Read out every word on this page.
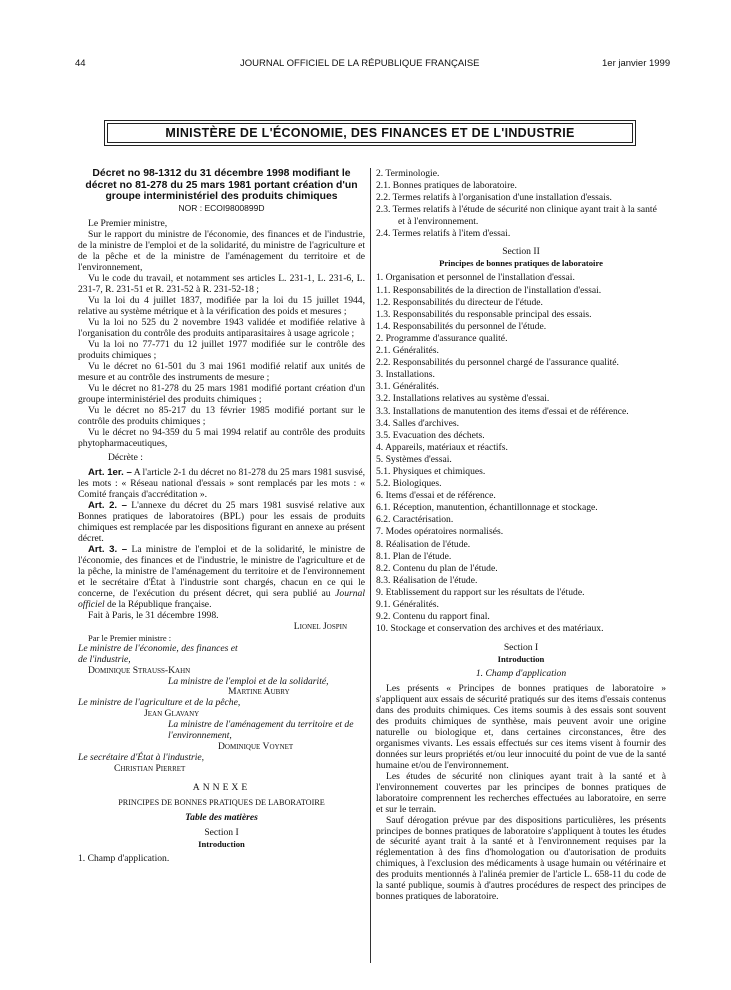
44	JOURNAL OFFICIEL DE LA RÉPUBLIQUE FRANÇAISE	1er janvier 1999
MINISTÈRE DE L'ÉCONOMIE, DES FINANCES ET DE L'INDUSTRIE
Décret no 98-1312 du 31 décembre 1998 modifiant le décret no 81-278 du 25 mars 1981 portant création d'un groupe interministériel des produits chimiques
NOR : ECOI9800899D

Le Premier ministre,

Sur le rapport du ministre de l'économie, des finances et de l'industrie, de la ministre de l'emploi et de la solidarité, du ministre de l'agriculture et de la pêche et de la ministre de l'aménagement du territoire et de l'environnement,

Vu le code du travail, et notamment ses articles L. 231-1, L. 231-6, L. 231-7, R. 231-51 et R. 231-52 à R. 231-52-18 ;

Vu la loi du 4 juillet 1837, modifiée par la loi du 15 juillet 1944, relative au système métrique et à la vérification des poids et mesures ;

Vu la loi no 525 du 2 novembre 1943 validée et modifiée relative à l'organisation du contrôle des produits antiparasitaires à usage agricole ;

Vu la loi no 77-771 du 12 juillet 1977 modifiée sur le contrôle des produits chimiques ;

Vu le décret no 61-501 du 3 mai 1961 modifié relatif aux unités de mesure et au contrôle des instruments de mesure ;

Vu le décret no 81-278 du 25 mars 1981 modifié portant création d'un groupe interministériel des produits chimiques ;

Vu le décret no 85-217 du 13 février 1985 modifié portant sur le contrôle des produits chimiques ;

Vu le décret no 94-359 du 5 mai 1994 relatif au contrôle des produits phytopharmaceutiques,

Décrète :

Art. 1er. – A l'article 2-1 du décret no 81-278 du 25 mars 1981 susvisé, les mots : « Réseau national d'essais » sont remplacés par les mots : « Comité français d'accréditation ».

Art. 2. – L'annexe du décret du 25 mars 1981 susvisé relative aux Bonnes pratiques de laboratoires (BPL) pour les essais de produits chimiques est remplacée par les dispositions figurant en annexe au présent décret.

Art. 3. – La ministre de l'emploi et de la solidarité, le ministre de l'économie, des finances et de l'industrie, le ministre de l'agriculture et de la pêche, la ministre de l'aménagement du territoire et de l'environnement et le secrétaire d'État à l'industrie sont chargés, chacun en ce qui le concerne, de l'exécution du présent décret, qui sera publié au Journal officiel de la République française.

Fait à Paris, le 31 décembre 1998.

Lionel Jospin
Par le Premier ministre :
Le ministre de l'économie, des finances et de l'industrie,
Dominique Strauss-Kahn
La ministre de l'emploi et de la solidarité,
Martine Aubry
Le ministre de l'agriculture et de la pêche,
Jean Glavany
La ministre de l'aménagement du territoire et de l'environnement,
Dominique Voynet
Le secrétaire d'État à l'industrie,
Christian Pierret
ANNEXE
PRINCIPES DE BONNES PRATIQUES DE LABORATOIRE
Table des matières
Section I
Introduction
1. Champ d'application.
2. Terminologie.
2.1. Bonnes pratiques de laboratoire.
2.2. Termes relatifs à l'organisation d'une installation d'essais.
2.3. Termes relatifs à l'étude de sécurité non clinique ayant trait à la santé et à l'environnement.
2.4. Termes relatifs à l'item d'essai.
Section II
Principes de bonnes pratiques de laboratoire
1. Organisation et personnel de l'installation d'essai.
1.1. Responsabilités de la direction de l'installation d'essai.
1.2. Responsabilités du directeur de l'étude.
1.3. Responsabilités du responsable principal des essais.
1.4. Responsabilités du personnel de l'étude.
2. Programme d'assurance qualité.
2.1. Généralités.
2.2. Responsabilités du personnel chargé de l'assurance qualité.
3. Installations.
3.1. Généralités.
3.2. Installations relatives au système d'essai.
3.3. Installations de manutention des items d'essai et de référence.
3.4. Salles d'archives.
3.5. Evacuation des déchets.
4. Appareils, matériaux et réactifs.
5. Systèmes d'essai.
5.1. Physiques et chimiques.
5.2. Biologiques.
6. Items d'essai et de référence.
6.1. Réception, manutention, échantillonnage et stockage.
6.2. Caractérisation.
7. Modes opératoires normalisés.
8. Réalisation de l'étude.
8.1. Plan de l'étude.
8.2. Contenu du plan de l'étude.
8.3. Réalisation de l'étude.
9. Etablissement du rapport sur les résultats de l'étude.
9.1. Généralités.
9.2. Contenu du rapport final.
10. Stockage et conservation des archives et des matériaux.
Section I
Introduction
1. Champ d'application

Les présents « Principes de bonnes pratiques de laboratoire » s'appliquent aux essais de sécurité pratiqués sur des items d'essais contenus dans des produits chimiques. Ces items soumis à des essais sont souvent des produits chimiques de synthèse, mais peuvent avoir une origine naturelle ou biologique et, dans certaines circonstances, être des organismes vivants. Les essais effectués sur ces items visent à fournir des données sur leurs propriétés et/ou leur innocuité du point de vue de la santé humaine et/ou de l'environnement.

Les études de sécurité non cliniques ayant trait à la santé et à l'environnement couvertes par les principes de bonnes pratiques de laboratoire comprennent les recherches effectuées au laboratoire, en serre et sur le terrain.

Sauf dérogation prévue par des dispositions particulières, les présents principes de bonnes pratiques de laboratoire s'appliquent à toutes les études de sécurité ayant trait à la santé et à l'environnement requises par la réglementation à des fins d'homologation ou d'autorisation de produits chimiques, à l'exclusion des médicaments à usage humain ou vétérinaire et des produits mentionnés à l'alinéa premier de l'article L. 658-11 du code de la santé publique, soumis à d'autres procédures de respect des principes de bonnes pratiques de laboratoire.
